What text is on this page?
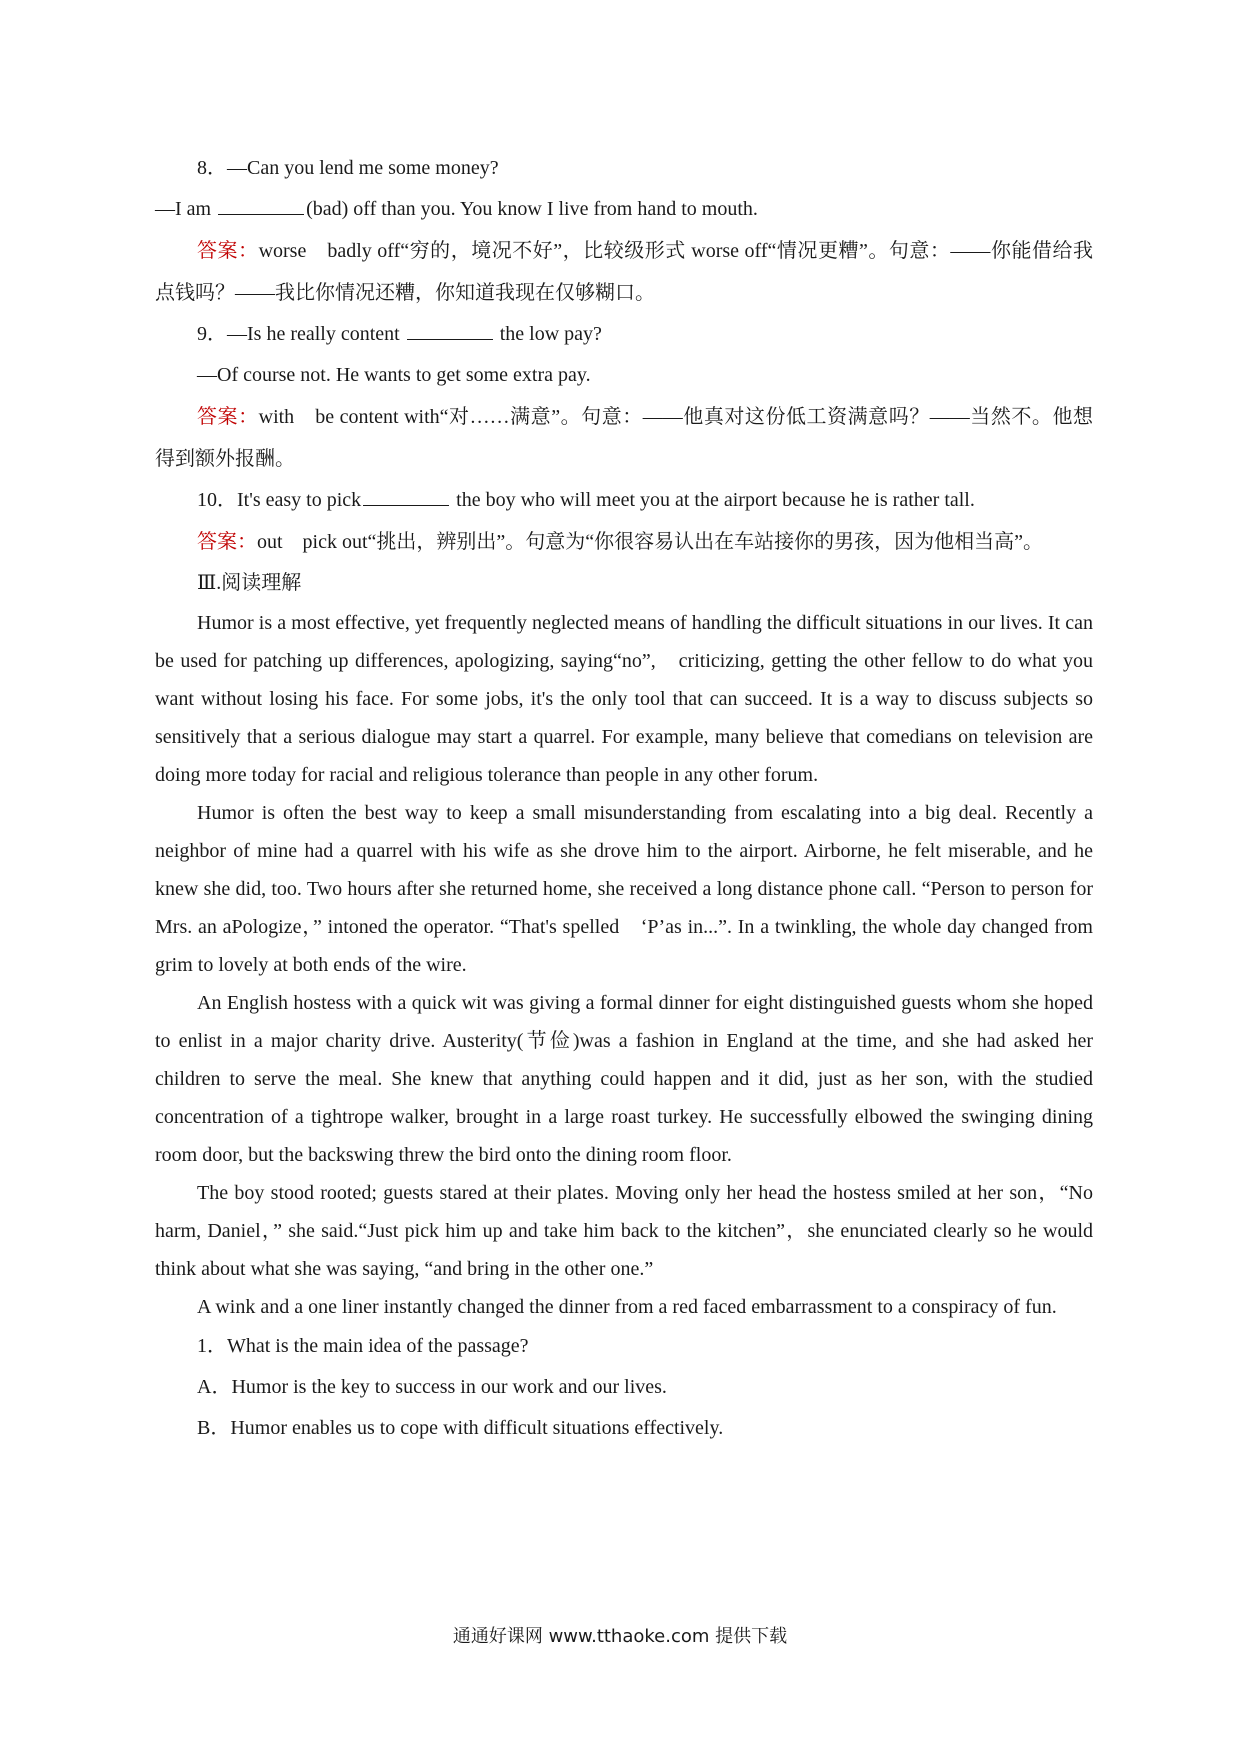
8．—Can you lend me some money?
—I am	(bad) off than you. You know I live from hand to mouth.
答案：worse　badly off“穷的，境况不好”，比较级形式 worse off“情况更糟”。句意：——你能借给我点钱吗？——我比你情况还糟，你知道我现在仅够糊口。
9．—Is he really content	the low pay?
—Of course not. He wants to get some extra pay.
答案：with　be content with“对……满意”。句意：——他真对这份低工资满意吗？——当然不。他想得到额外报酬。
10．It's easy to pick	the boy who will meet you at the airport because he is rather tall.
答案：out　pick out“挑出，辨别出”。句意为“你很容易认出在车站接你的男孩，因为他相当高”。
Ⅲ.阅读理解

Humor is a most effective, yet frequently neglected means of handling the difficult situations in our lives. It can be used for patching up differences, apologizing, saying“no”,　criticizing, getting the other fellow to do what you want without losing his face. For some jobs, it's the only tool that can succeed. It is a way to discuss subjects so sensitively that a serious dialogue may start a quarrel. For example, many believe that comedians on television are doing more today for racial and religious tolerance than people in any other forum.

Humor is often the best way to keep a small misunderstanding from escalating into a big deal. Recently a neighbor of mine had a quarrel with his wife as she drove him to the airport. Airborne, he felt miserable, and he knew she did, too. Two hours after she returned home, she received a long distance phone call. “Person to person for Mrs. an aPologize，” intoned the operator. “That's spelled　‘P’as in...”. In a twinkling, the whole day changed from grim to lovely at both ends of the wire.

An English hostess with a quick wit was giving a formal dinner for eight distinguished guests whom she hoped to enlist in a major charity drive. Austerity(节俭)was a fashion in England at the time, and she had asked her children to serve the meal. She knew that anything could happen and it did, just as her son, with the studied concentration of a tightrope walker, brought in a large roast turkey. He successfully elbowed the swinging dining room door, but the backswing threw the bird onto the dining room floor.

The boy stood rooted; guests stared at their plates. Moving only her head the hostess smiled at her son，“No harm, Daniel，” she said.“Just pick him up and take him back to the kitchen”，she enunciated clearly so he would think about what she was saying, “and bring in the other one.”

A wink and a one liner instantly changed the dinner from a red faced embarrassment to a conspiracy of fun.

1．What is the main idea of the passage?
A．Humor is the key to success in our work and our lives.
B．Humor enables us to cope with difficult situations effectively.
通通好课网 www.tthaoke.com 提供下载
